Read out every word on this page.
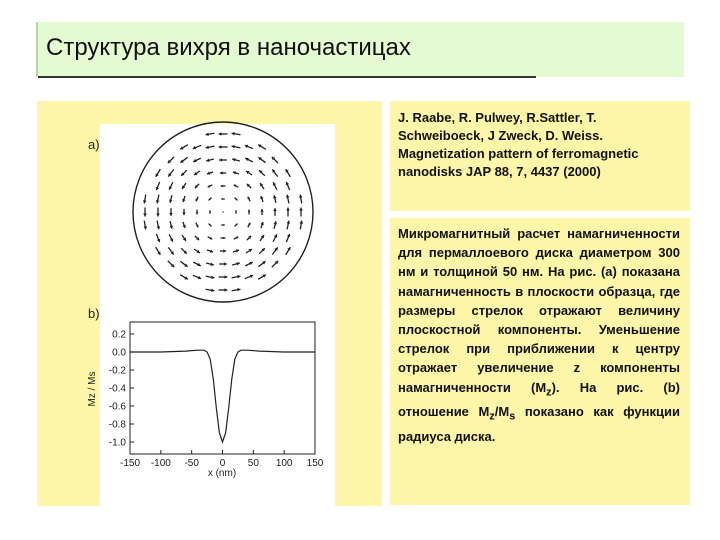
Структура вихря в наночастицах
a)
b)
0.2
0.0
-0.2
-0.4
-0.6
-0.8
-1.0
-150 -100 -50 0 50 100 150
Mz / Ms
x (nm)
J. Raabe, R. Pulwey, R.Sattler, T. Schweiboeck, J Zweck, D. Weiss. Magnetization pattern of ferromagnetic nanodisks JAP 88, 7, 4437 (2000)
Микромагнитный расчет намагниченности для пермаллоевого диска диаметром 300 нм и толщиной 50 нм. На рис. (a) показана намагниченность в плоскости образца, где размеры стрелок отражают величину плоскостной компоненты. Уменьшение стрелок при приближении к центру отражает увеличение z компоненты намагниченности $(M_z)$. На рис. (b) отношение $M_z/M_s$ показано как функции радиуса диска.
